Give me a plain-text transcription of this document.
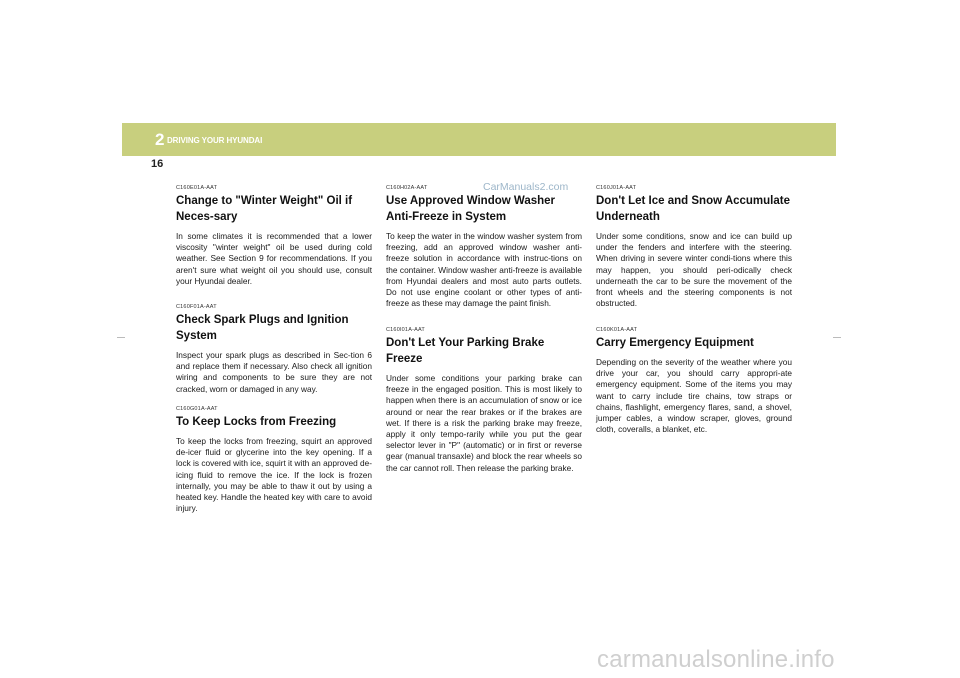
2 DRIVING YOUR HYUNDAI
16
CarManuals2.com
C160E01A-AAT
Change to "Winter Weight" Oil if Neces-sary
In some climates it is recommended that a lower viscosity "winter weight" oil be used during cold weather. See Section 9 for recommendations. If you aren't sure what weight oil you should use, consult your Hyundai dealer.
C160F01A-AAT
Check Spark Plugs and Ignition System
Inspect your spark plugs as described in Sec-tion 6 and replace them if necessary. Also check all ignition wiring and components to be sure they are not cracked, worn or damaged in any way.
C160G01A-AAT
To Keep Locks from Freezing
To keep the locks from freezing, squirt an approved de-icer fluid or glycerine into the key opening. If a lock is covered with ice, squirt it with an approved de-icing fluid to remove the ice. If the lock is frozen internally, you may be able to thaw it out by using a heated key. Handle the heated key with care to avoid injury.
C160H02A-AAT
Use Approved Window Washer Anti-Freeze in System
To keep the water in the window washer system from freezing, add an approved window washer anti-freeze solution in accordance with instruc-tions on the container. Window washer anti-freeze is available from Hyundai dealers and most auto parts outlets. Do not use engine coolant or other types of anti-freeze as these may damage the paint finish.
C160I01A-AAT
Don't Let Your Parking Brake Freeze
Under some conditions your parking brake can freeze in the engaged position. This is most likely to happen when there is an accumulation of snow or ice around or near the rear brakes or if the brakes are wet. If there is a risk the parking brake may freeze, apply it only tempo-rarily while you put the gear selector lever in "P" (automatic) or in first or reverse gear (manual transaxle) and block the rear wheels so the car cannot roll. Then release the parking brake.
C160J01A-AAT
Don't Let Ice and Snow Accumulate Underneath
Under some conditions, snow and ice can build up under the fenders and interfere with the steering. When driving in severe winter condi-tions where this may happen, you should peri-odically check underneath the car to be sure the movement of the front wheels and the steering components is not obstructed.
C160K01A-AAT
Carry Emergency Equipment
Depending on the severity of the weather where you drive your car, you should carry appropri-ate emergency equipment. Some of the items you may want to carry include tire chains, tow straps or chains, flashlight, emergency flares, sand, a shovel, jumper cables, a window scraper, gloves, ground cloth, coveralls, a blanket, etc.
carmanualsonline.info
